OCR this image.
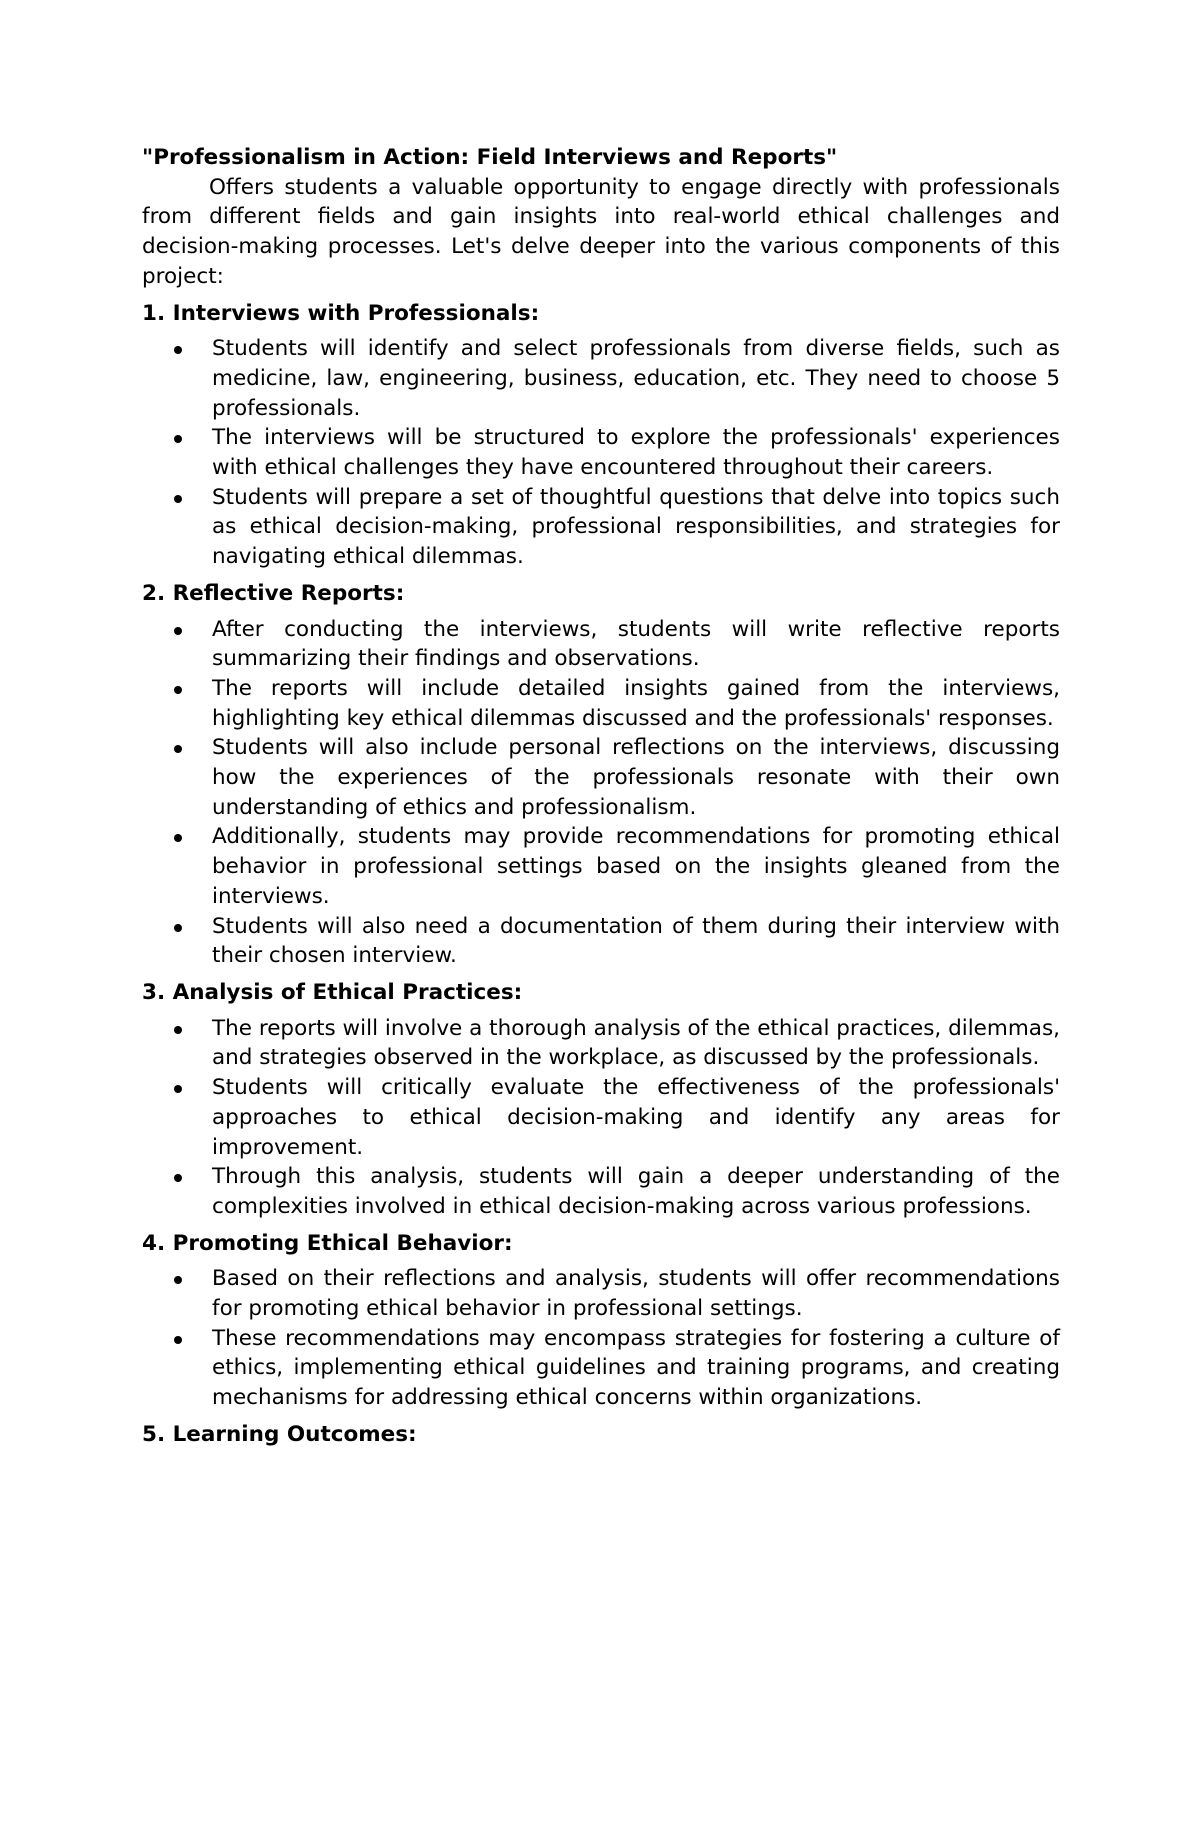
"Professionalism in Action: Field Interviews and Reports"

Offers students a valuable opportunity to engage directly with professionals from different fields and gain insights into real-world ethical challenges and decision-making processes. Let's delve deeper into the various components of this project:

1. Interviews with Professionals:

Students will identify and select professionals from diverse fields, such as medicine, law, engineering, business, education, etc. They need to choose 5 professionals.
The interviews will be structured to explore the professionals' experiences with ethical challenges they have encountered throughout their careers.
Students will prepare a set of thoughtful questions that delve into topics such as ethical decision-making, professional responsibilities, and strategies for navigating ethical dilemmas.

2. Reflective Reports:

After conducting the interviews, students will write reflective reports summarizing their findings and observations.
The reports will include detailed insights gained from the interviews, highlighting key ethical dilemmas discussed and the professionals' responses.
Students will also include personal reflections on the interviews, discussing how the experiences of the professionals resonate with their own understanding of ethics and professionalism.
Additionally, students may provide recommendations for promoting ethical behavior in professional settings based on the insights gleaned from the interviews.
Students will also need a documentation of them during their interview with their chosen interview.

3. Analysis of Ethical Practices:

The reports will involve a thorough analysis of the ethical practices, dilemmas, and strategies observed in the workplace, as discussed by the professionals.
Students will critically evaluate the effectiveness of the professionals' approaches to ethical decision-making and identify any areas for improvement.
Through this analysis, students will gain a deeper understanding of the complexities involved in ethical decision-making across various professions.

4. Promoting Ethical Behavior:

Based on their reflections and analysis, students will offer recommendations for promoting ethical behavior in professional settings.
These recommendations may encompass strategies for fostering a culture of ethics, implementing ethical guidelines and training programs, and creating mechanisms for addressing ethical concerns within organizations.

5. Learning Outcomes:
